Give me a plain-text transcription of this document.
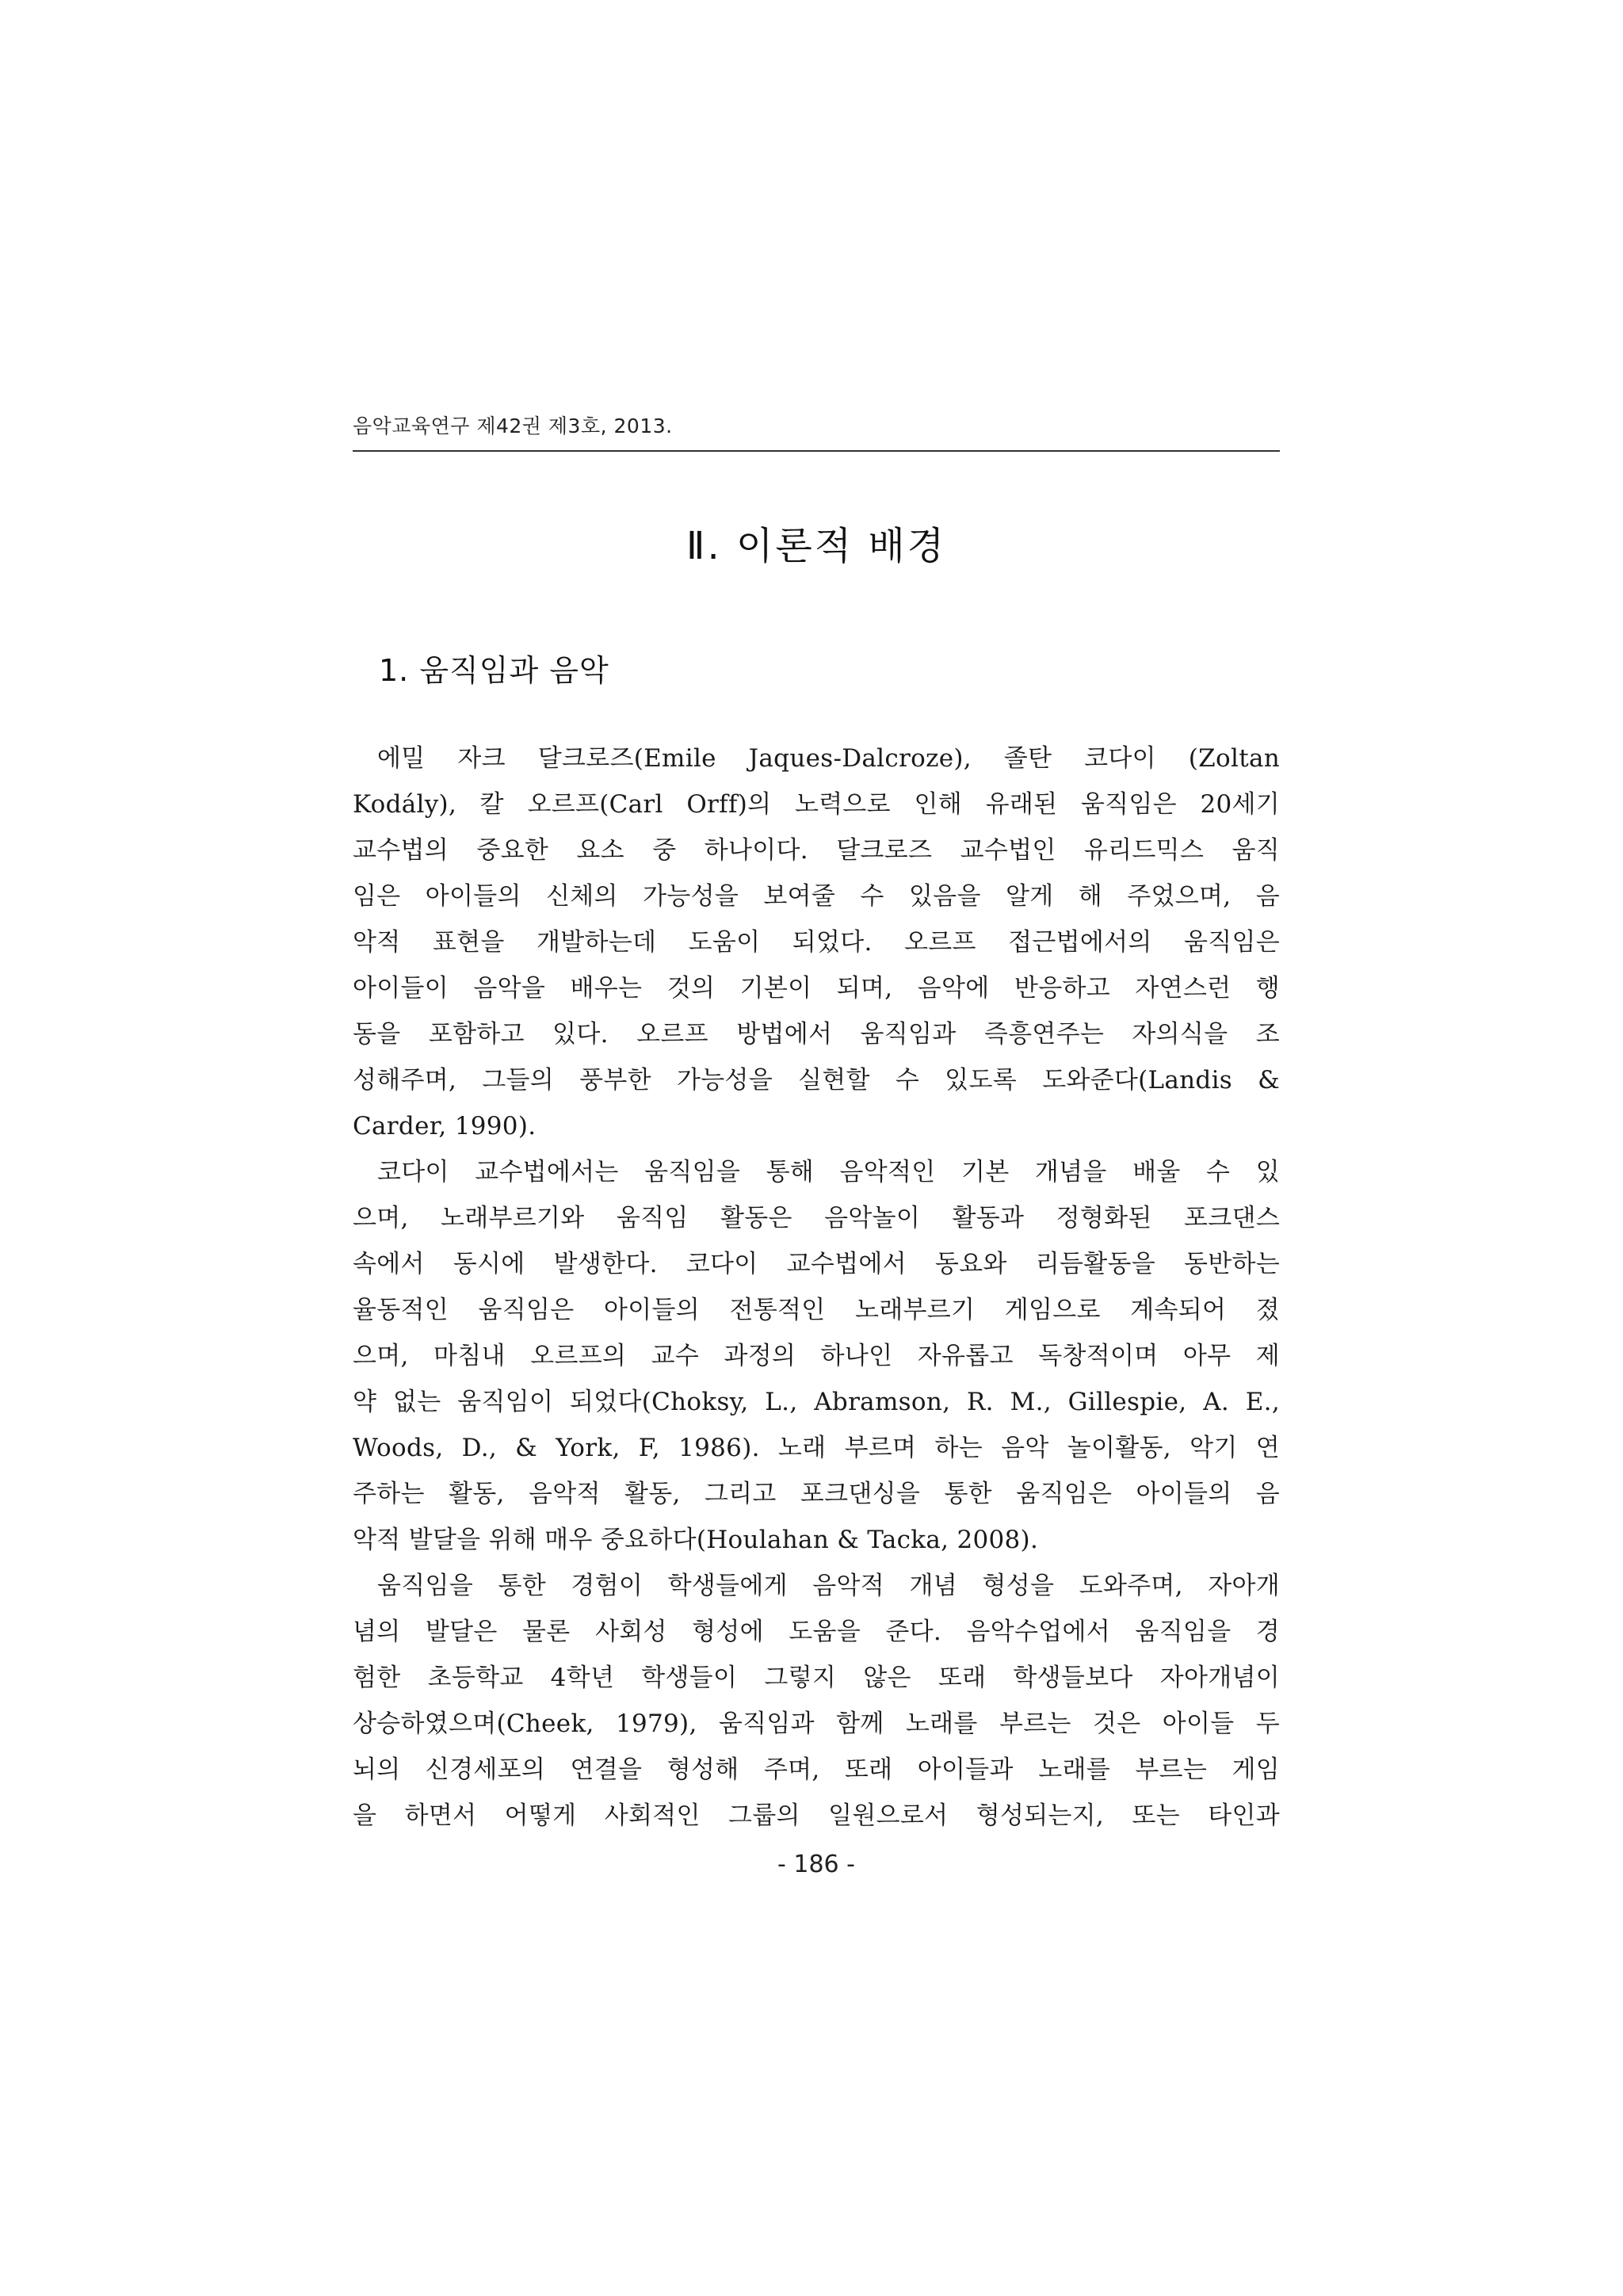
음악교육연구 제42권 제3호, 2013.
Ⅱ. 이론적 배경
1. 움직임과 음악
에밀 자크 달크로즈(Emile Jaques-Dalcroze), 졸탄 코다이 (Zoltan
Kodály), 칼 오르프(Carl Orff)의 노력으로 인해 유래된 움직임은 20세기
교수법의 중요한 요소 중 하나이다. 달크로즈 교수법인 유리드믹스 움직
임은 아이들의 신체의 가능성을 보여줄 수 있음을 알게 해 주었으며, 음
악적 표현을 개발하는데 도움이 되었다. 오르프 접근법에서의 움직임은
아이들이 음악을 배우는 것의 기본이 되며, 음악에 반응하고 자연스런 행
동을 포함하고 있다. 오르프 방법에서 움직임과 즉흥연주는 자의식을 조
성해주며, 그들의 풍부한 가능성을 실현할 수 있도록 도와준다(Landis &
Carder, 1990).
코다이 교수법에서는 움직임을 통해 음악적인 기본 개념을 배울 수 있
으며, 노래부르기와 움직임 활동은 음악놀이 활동과 정형화된 포크댄스
속에서 동시에 발생한다. 코다이 교수법에서 동요와 리듬활동을 동반하는
율동적인 움직임은 아이들의 전통적인 노래부르기 게임으로 계속되어 졌
으며, 마침내 오르프의 교수 과정의 하나인 자유롭고 독창적이며 아무 제
약 없는 움직임이 되었다(Choksy, L., Abramson, R. M., Gillespie, A. E.,
Woods, D., & York, F, 1986). 노래 부르며 하는 음악 놀이활동, 악기 연
주하는 활동, 음악적 활동, 그리고 포크댄싱을 통한 움직임은 아이들의 음
악적 발달을 위해 매우 중요하다(Houlahan & Tacka, 2008).
움직임을 통한 경험이 학생들에게 음악적 개념 형성을 도와주며, 자아개
념의 발달은 물론 사회성 형성에 도움을 준다. 음악수업에서 움직임을 경
험한 초등학교 4학년 학생들이 그렇지 않은 또래 학생들보다 자아개념이
상승하였으며(Cheek, 1979), 움직임과 함께 노래를 부르는 것은 아이들 두
뇌의 신경세포의 연결을 형성해 주며, 또래 아이들과 노래를 부르는 게임
을 하면서 어떻게 사회적인 그룹의 일원으로서 형성되는지, 또는 타인과
- 186 -
